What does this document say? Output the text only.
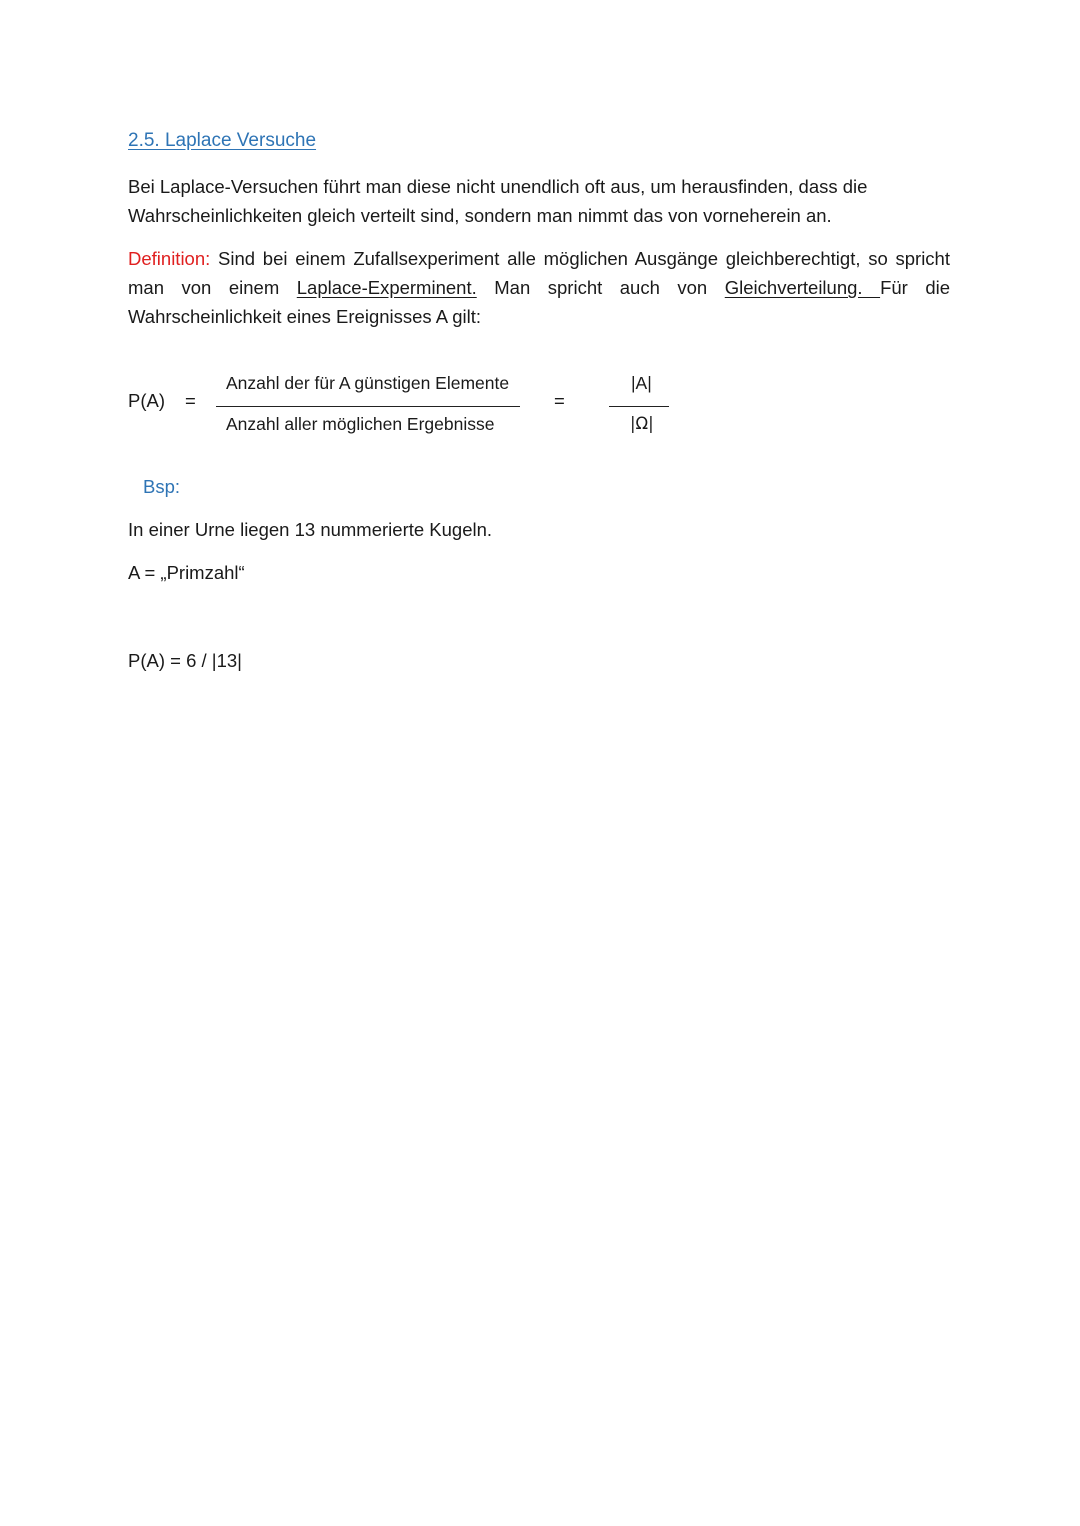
2.5. Laplace Versuche
Bei Laplace-Versuchen führt man diese nicht unendlich oft aus, um herausfinden, dass die
Wahrscheinlichkeiten gleich verteilt sind, sondern man nimmt das von vorneherein an.
Definition: Sind bei einem Zufallsexperiment alle möglichen Ausgänge gleichberechtigt, so spricht man von einem Laplace-Experminent. Man spricht auch von Gleichverteilung. Für die Wahrscheinlichkeit eines Ereignisses A gilt:
P(A) =
Anzahl der für A günstigen Elemente
Anzahl aller möglichen Ergebnisse
=
|A|
|Ω|
Bsp:
In einer Urne liegen 13 nummerierte Kugeln.
A = „Primzahl“
P(A) = 6 / |13|
